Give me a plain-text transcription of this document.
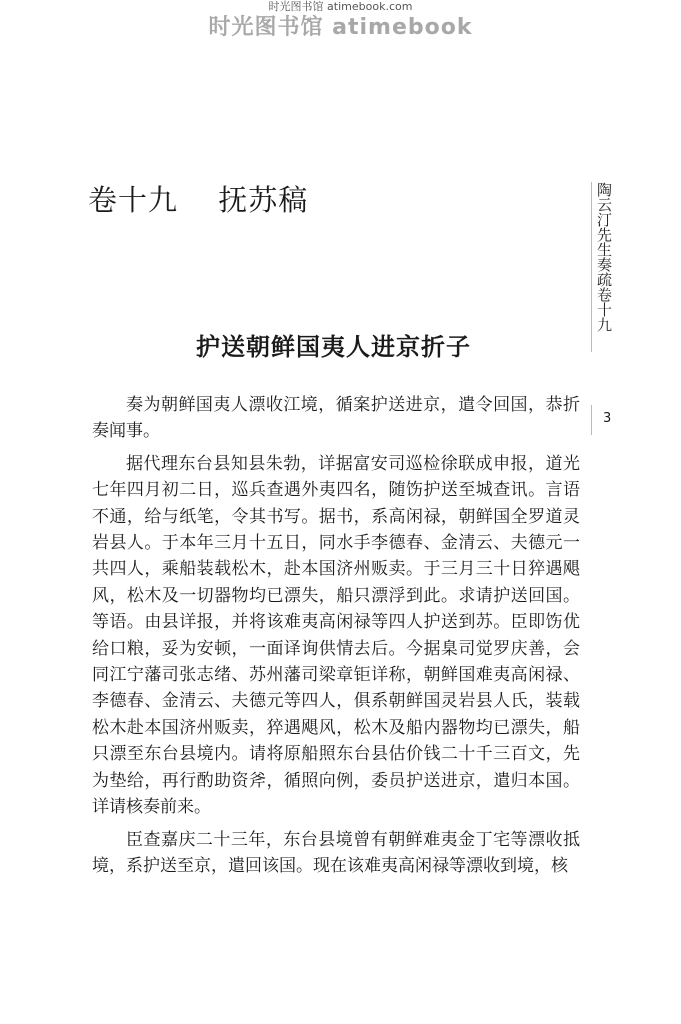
时光图书馆 atimebook.com
时光图书馆 atimebook
卷十九　 抚苏稿	陶云汀先生奏疏卷十九
3
护送朝鲜国夷人进京折子

奏为朝鲜国夷人漂收江境，循案护送进京，遣令回国，恭折奏闻事。

据代理东台县知县朱勃，详据富安司巡检徐联成申报，道光七年四月初二日，巡兵查遇外夷四名，随饬护送至城查讯。言语不通，给与纸笔，令其书写。据书，系高闲禄，朝鲜国全罗道灵岩县人。于本年三月十五日，同水手李德春、金清云、夫德元一共四人，乘船装载松木，赴本国济州贩卖。于三月三十日猝遇飓风，松木及一切器物均已漂失，船只漂浮到此。求请护送回国。等语。由县详报，并将该难夷高闲禄等四人护送到苏。臣即饬优给口粮，妥为安顿，一面译询供情去后。今据臬司觉罗庆善，会同江宁藩司张志绪、苏州藩司梁章钜详称，朝鲜国难夷高闲禄、李德春、金清云、夫德元等四人，俱系朝鲜国灵岩县人氏，装载松木赴本国济州贩卖，猝遇飓风，松木及船内器物均已漂失，船只漂至东台县境内。请将原船照东台县估价钱二十千三百文，先为垫给，再行酌助资斧，循照向例，委员护送进京，遣归本国。详请核奏前来。

臣查嘉庆二十三年，东台县境曾有朝鲜难夷金丁宅等漂收抵境，系护送至京，遣回该国。现在该难夷高闲禄等漂收到境，核
